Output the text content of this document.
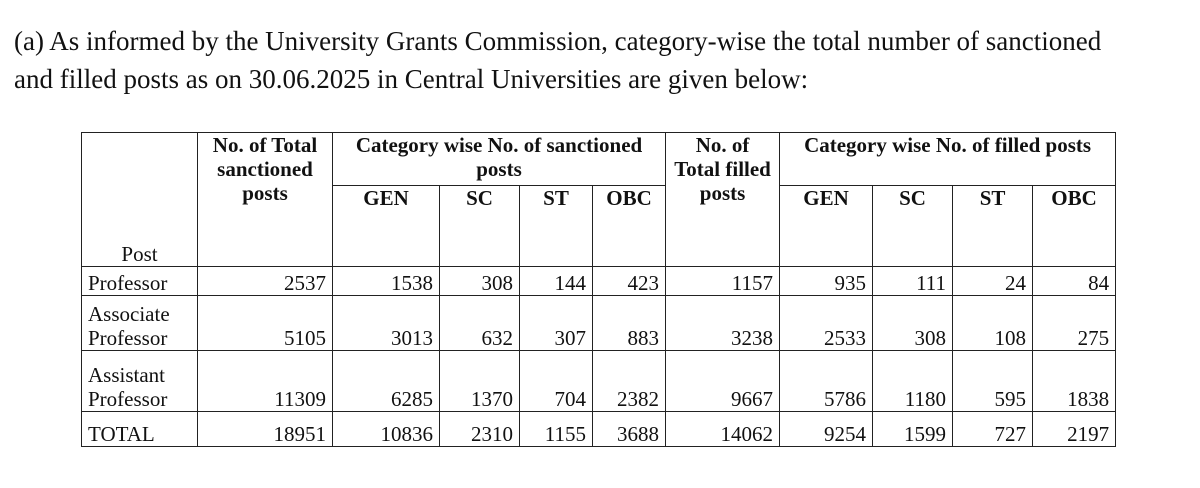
(a) As informed by the University Grants Commission, category-wise the total number of sanctioned
and filled posts as on 30.06.2025 in Central Universities are given below:

Post	No. of Total sanctioned posts	Category wise No. of sanctioned posts				No. of Total filled posts	Category wise No. of filled posts			
		GEN	SC	ST	OBC		GEN	SC	ST	OBC

Professor	2537	1538	308	144	423	1157	935	111	24	84

Associate
Professor	5105	3013	632	307	883	3238	2533	308	108	275

Assistant
Professor	11309	6285	1370	704	2382	9667	5786	1180	595	1838

TOTAL	18951	10836	2310	1155	3688	14062	9254	1599	727	2197
